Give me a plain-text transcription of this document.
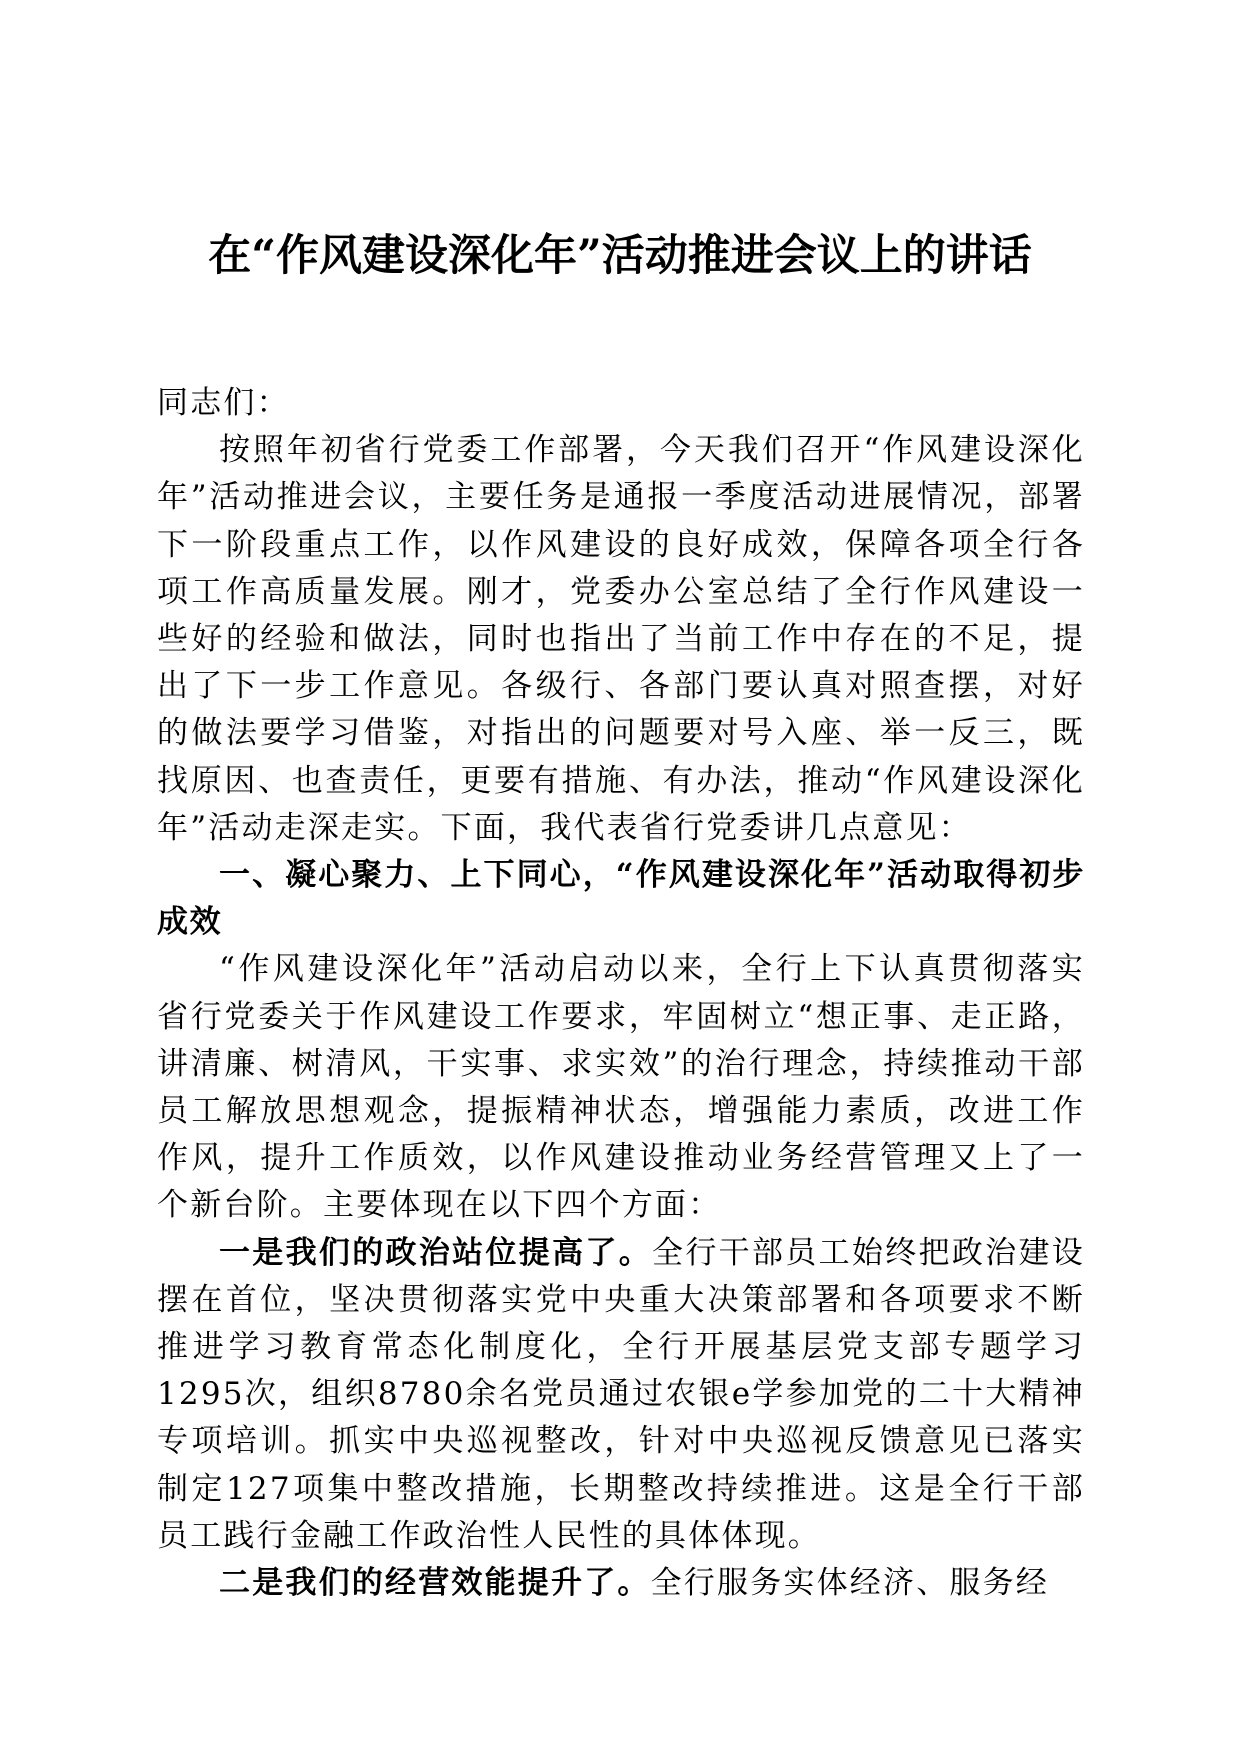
在“作风建设深化年”活动推进会议上的讲话

同志们：

按照年初省行党委工作部署，今天我们召开“作风建设深化年”活动推进会议，主要任务是通报一季度活动进展情况，部署下一阶段重点工作，以作风建设的良好成效，保障各项全行各项工作高质量发展。刚才，党委办公室总结了全行作风建设一些好的经验和做法，同时也指出了当前工作中存在的不足，提出了下一步工作意见。各级行、各部门要认真对照查摆，对好的做法要学习借鉴，对指出的问题要对号入座、举一反三，既找原因、也查责任，更要有措施、有办法，推动“作风建设深化年”活动走深走实。下面，我代表省行党委讲几点意见：

一、凝心聚力、上下同心，“作风建设深化年”活动取得初步成效

“作风建设深化年”活动启动以来，全行上下认真贯彻落实省行党委关于作风建设工作要求，牢固树立“想正事、走正路，讲清廉、树清风，干实事、求实效”的治行理念，持续推动干部员工解放思想观念，提振精神状态，增强能力素质，改进工作作风，提升工作质效，以作风建设推动业务经营管理又上了一个新台阶。主要体现在以下四个方面：

一是我们的政治站位提高了。全行干部员工始终把政治建设摆在首位，坚决贯彻落实党中央重大决策部署和各项要求不断推进学习教育常态化制度化，全行开展基层党支部专题学习1295次，组织8780余名党员通过农银e学参加党的二十大精神专项培训。抓实中央巡视整改，针对中央巡视反馈意见已落实制定127项集中整改措施，长期整改持续推进。这是全行干部员工践行金融工作政治性人民性的具体体现。

二是我们的经营效能提升了。全行服务实体经济、服务经
